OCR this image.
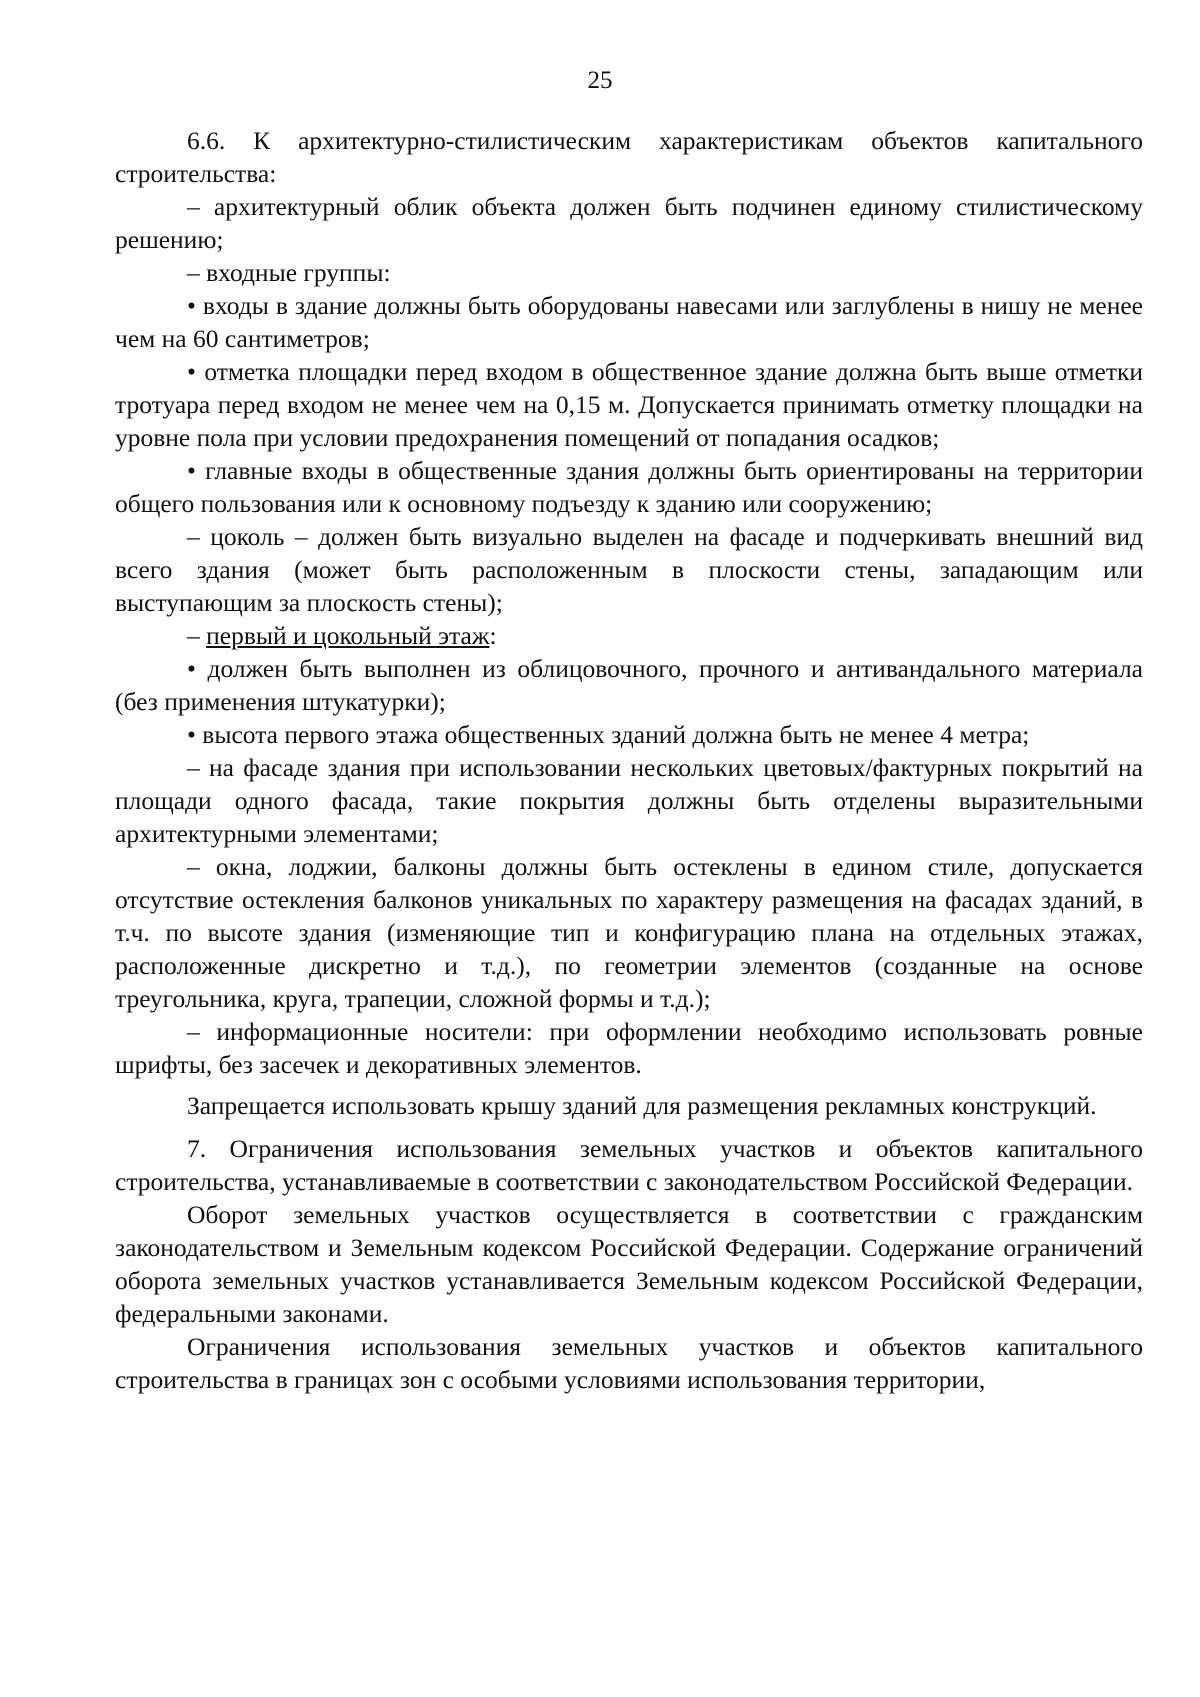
25

6.6. К архитектурно-стилистическим характеристикам объектов капитального строительства:

– архитектурный облик объекта должен быть подчинен единому стилистическому решению;

– входные группы:

• входы в здание должны быть оборудованы навесами или заглублены в нишу не менее чем на 60 сантиметров;

• отметка площадки перед входом в общественное здание должна быть выше отметки тротуара перед входом не менее чем на 0,15 м. Допускается принимать отметку площадки на уровне пола при условии предохранения помещений от попадания осадков;

• главные входы в общественные здания должны быть ориентированы на территории общего пользования или к основному подъезду к зданию или сооружению;

– цоколь – должен быть визуально выделен на фасаде и подчеркивать внешний вид всего здания (может быть расположенным в плоскости стены, западающим или выступающим за плоскость стены);

– первый и цокольный этаж:

• должен быть выполнен из облицовочного, прочного и антивандального материала (без применения штукатурки);

• высота первого этажа общественных зданий должна быть не менее 4 метра;

– на фасаде здания при использовании нескольких цветовых/фактурных покрытий на площади одного фасада, такие покрытия должны быть отделены выразительными архитектурными элементами;

– окна, лоджии, балконы должны быть остеклены в едином стиле, допускается отсутствие остекления балконов уникальных по характеру размещения на фасадах зданий, в т.ч. по высоте здания (изменяющие тип и конфигурацию плана на отдельных этажах, расположенные дискретно и т.д.), по геометрии элементов (созданные на основе треугольника, круга, трапеции, сложной формы и т.д.);

– информационные носители: при оформлении необходимо использовать ровные шрифты, без засечек и декоративных элементов.

Запрещается использовать крышу зданий для размещения рекламных конструкций.

7. Ограничения использования земельных участков и объектов капитального строительства, устанавливаемые в соответствии с законодательством Российской Федерации.

Оборот земельных участков осуществляется в соответствии с гражданским законодательством и Земельным кодексом Российской Федерации. Содержание ограничений оборота земельных участков устанавливается Земельным кодексом Российской Федерации, федеральными законами.

Ограничения использования земельных участков и объектов капитального строительства в границах зон с особыми условиями использования территории,
